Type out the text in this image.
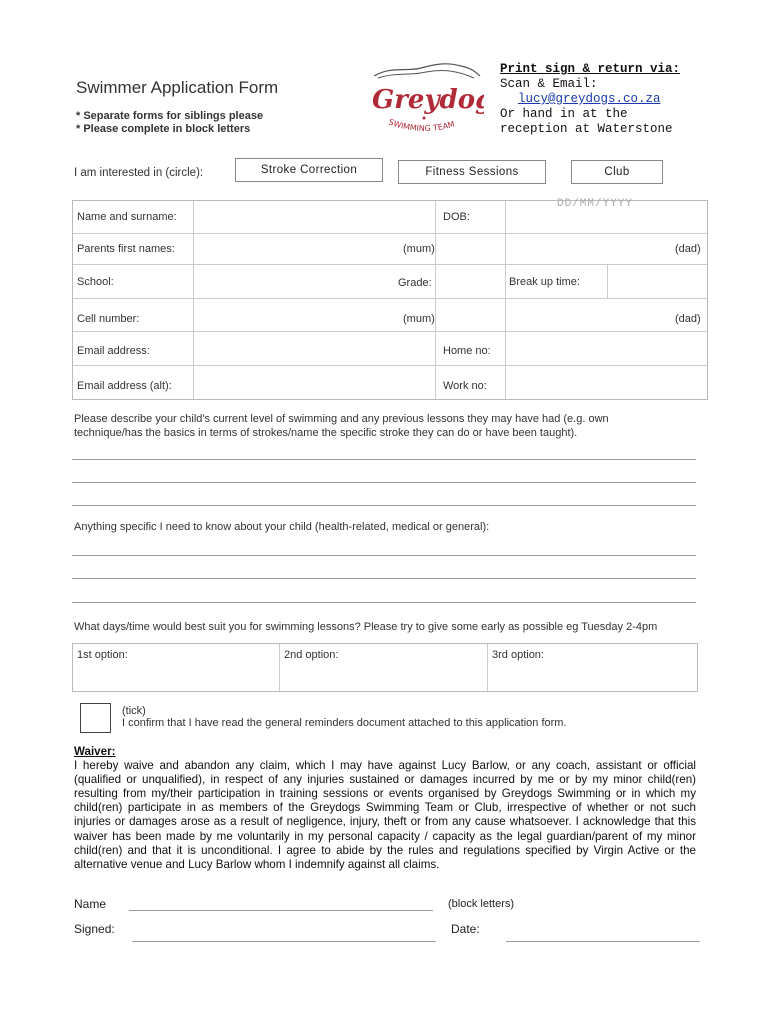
Swimmer Application Form
* Separate forms for siblings please
* Please complete in block letters
Greydo
SWIMMING TEAM
Print sign & return via:
Scan & Email:
lucy@greydogs.co.za
Or hand in at the
reception at Waterstone
I am interested in (circle):	Stroke Correction	Fitness Sessions	Club
DD/MM/YYYY
Name and surname:	DOB:
Parents first names:	(mum)	(dad)
School:	Grade:	Break up time:
Cell number:	(mum)	(dad)
Email address:	Home no:
Email address (alt):	Work no:
Please describe your child's current level of swimming and any previous lessons they may have had (e.g. own technique/has the basics in terms of strokes/name the specific stroke they can do or have been taught).
Anything specific I need to know about your child (health-related, medical or general):
What days/time would best suit you for swimming lessons? Please try to give some early as possible eg Tuesday 2-4pm
1st option:	2nd option:	3rd option:
(tick)
I confirm that I have read the general reminders document attached to this application form.
Waiver:
I hereby waive and abandon any claim, which I may have against Lucy Barlow, or any coach, assistant or official (qualified or unqualified), in respect of any injuries sustained or damages incurred by me or by my minor child(ren) resulting from my/their participation in training sessions or events organised by Greydogs Swimming or in which my child(ren) participate in as members of the Greydogs Swimming Team or Club, irrespective of whether or not such injuries or damages arose as a result of negligence, injury, theft or from any cause whatsoever. I acknowledge that this waiver has been made by me voluntarily in my personal capacity / capacity as the legal guardian/parent of my minor child(ren) and that it is unconditional. I agree to abide by the rules and regulations specified by Virgin Active or the alternative venue and Lucy Barlow whom I indemnify against all claims.
Name	(block letters)
Signed:	Date:
